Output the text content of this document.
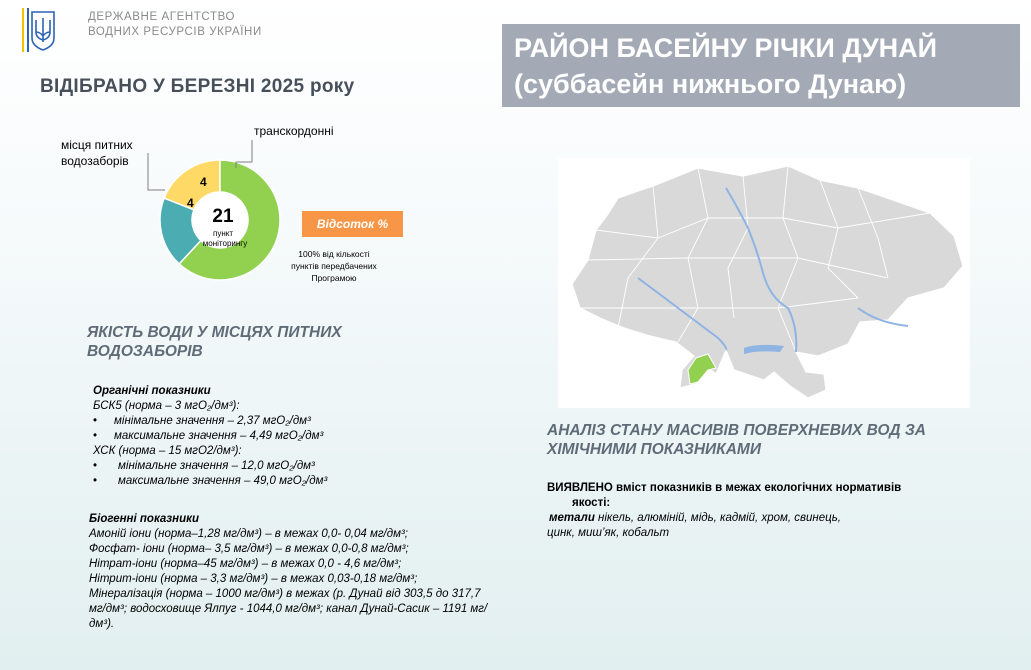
ДЕРЖАВНЕ АГЕНТСТВО
ВОДНИХ РЕСУРСІВ УКРАЇНИ
РАЙОН БАСЕЙНУ РІЧКИ ДУНАЙ
(суббасейн нижнього Дунаю)
ВІДІБРАНО У БЕРЕЗНІ 2025 року
21
пункт
моніторингу
4
4
місця питних водозаборів
транскордонні
Відсоток %
100% від кількості пунктів передбачених Програмою
ЯКІСТЬ ВОДИ У МІСЦЯХ ПИТНИХ ВОДОЗАБОРІВ
Органічні показники
БСК5 (норма – 3 мгО₂/дм³):
• мінімальне значення – 2,37 мгО₂/дм³
• максимальне значення – 4,49 мгО₂/дм³
ХСК (норма – 15 мгО2/дм³):
• мінімальне значення – 12,0 мгО₂/дм³
• максимальне значення – 49,0 мгО₂/дм³
Біогенні показники
Амоній іони (норма–1,28 мг/дм³) – в межах 0,0- 0,04 мг/дм³;
Фосфат- іони (норма– 3,5 мг/дм³) – в межах 0,0-0,8 мг/дм³;
Нітрат-іони (норма–45 мг/дм³) – в межах 0,0 - 4,6 мг/дм³;
Нітрит-іони (норма – 3,3 мг/дм³) – в межах 0,03-0,18 мг/дм³;
Мінералізація (норма – 1000 мг/дм³) в межах (р. Дунай від 303,5 до 317,7 мг/дм³; водосховище Ялпуг - 1044,0 мг/дм³; канал Дунай-Сасик – 1191 мг/дм³).
АНАЛІЗ СТАНУ МАСИВІВ ПОВЕРХНЕВИХ ВОД ЗА ХІМІЧНИМИ ПОКАЗНИКАМИ
ВИЯВЛЕНО вміст показників в межах екологічних нормативів
якості:
метали нікель, алюміній, мідь, кадмій, хром, свинець,
цинк, миш’як, кобальт
